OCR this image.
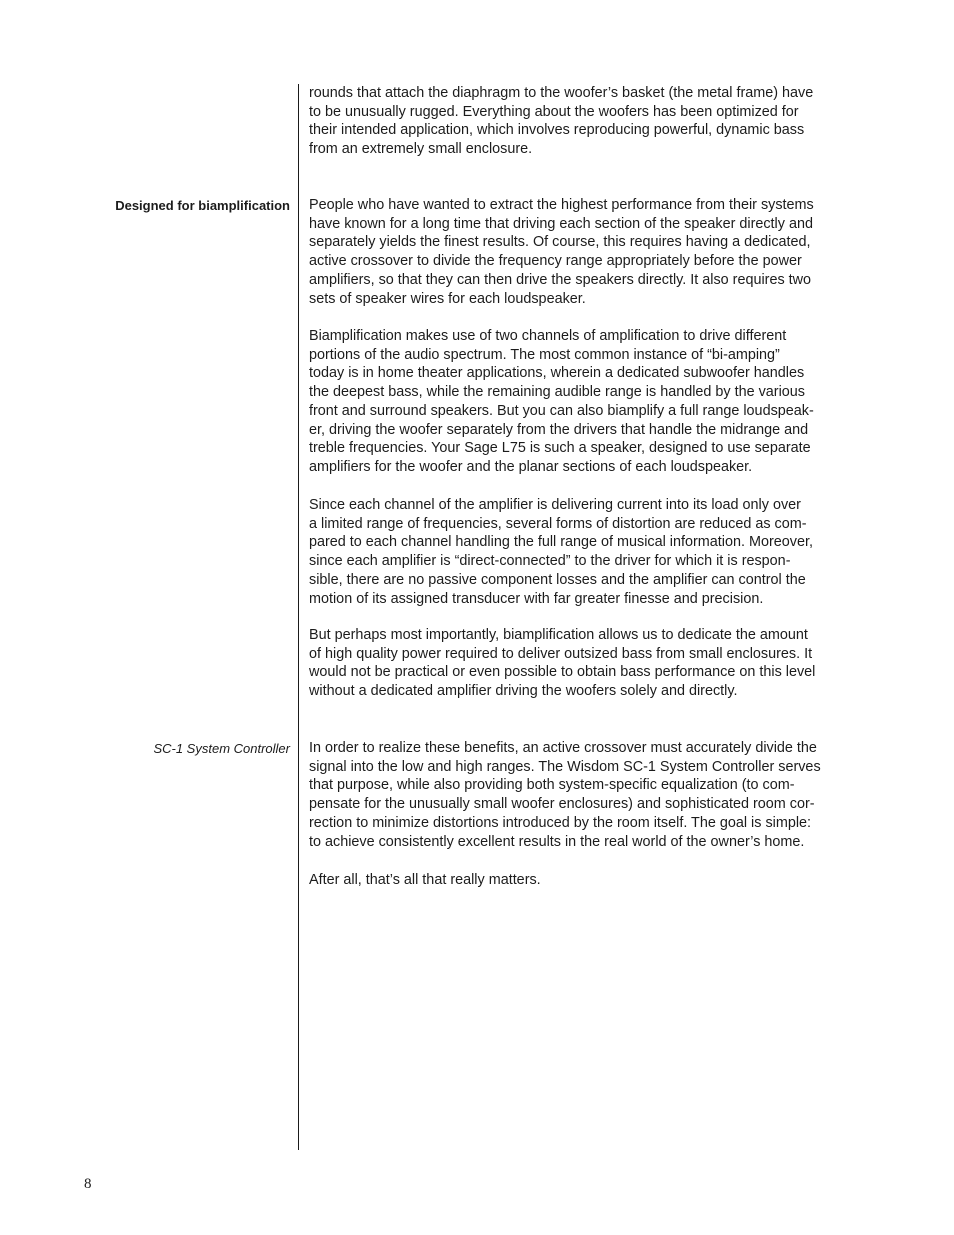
rounds that attach the diaphragm to the woofer’s basket (the metal frame) have
to be unusually rugged. Everything about the woofers has been optimized for
their intended application, which involves reproducing powerful, dynamic bass
from an extremely small enclosure.

Designed for biamplification People who have wanted to extract the highest performance from their systems
have known for a long time that driving each section of the speaker directly and
separately yields the finest results. Of course, this requires having a dedicated,
active crossover to divide the frequency range appropriately before the power
amplifiers, so that they can then drive the speakers directly. It also requires two
sets of speaker wires for each loudspeaker.

Biamplification makes use of two channels of amplification to drive different
portions of the audio spectrum. The most common instance of “bi-amping”
today is in home theater applications, wherein a dedicated subwoofer handles
the deepest bass, while the remaining audible range is handled by the various
front and surround speakers. But you can also biamplify a full range loudspeak-
er, driving the woofer separately from the drivers that handle the midrange and
treble frequencies. Your Sage L75 is such a speaker, designed to use separate
amplifiers for the woofer and the planar sections of each loudspeaker.

Since each channel of the amplifier is delivering current into its load only over
a limited range of frequencies, several forms of distortion are reduced as com-
pared to each channel handling the full range of musical information. Moreover,
since each amplifier is “direct-connected” to the driver for which it is respon-
sible, there are no passive component losses and the amplifier can control the
motion of its assigned transducer with far greater finesse and precision.

But perhaps most importantly, biamplification allows us to dedicate the amount
of high quality power required to deliver outsized bass from small enclosures. It
would not be practical or even possible to obtain bass performance on this level
without a dedicated amplifier driving the woofers solely and directly.

SC-1 System Controller In order to realize these benefits, an active crossover must accurately divide the
signal into the low and high ranges. The Wisdom SC-1 System Controller serves
that purpose, while also providing both system-specific equalization (to com-
pensate for the unusually small woofer enclosures) and sophisticated room cor-
rection to minimize distortions introduced by the room itself. The goal is simple:
to achieve consistently excellent results in the real world of the owner’s home.

After all, that’s all that really matters.

8
